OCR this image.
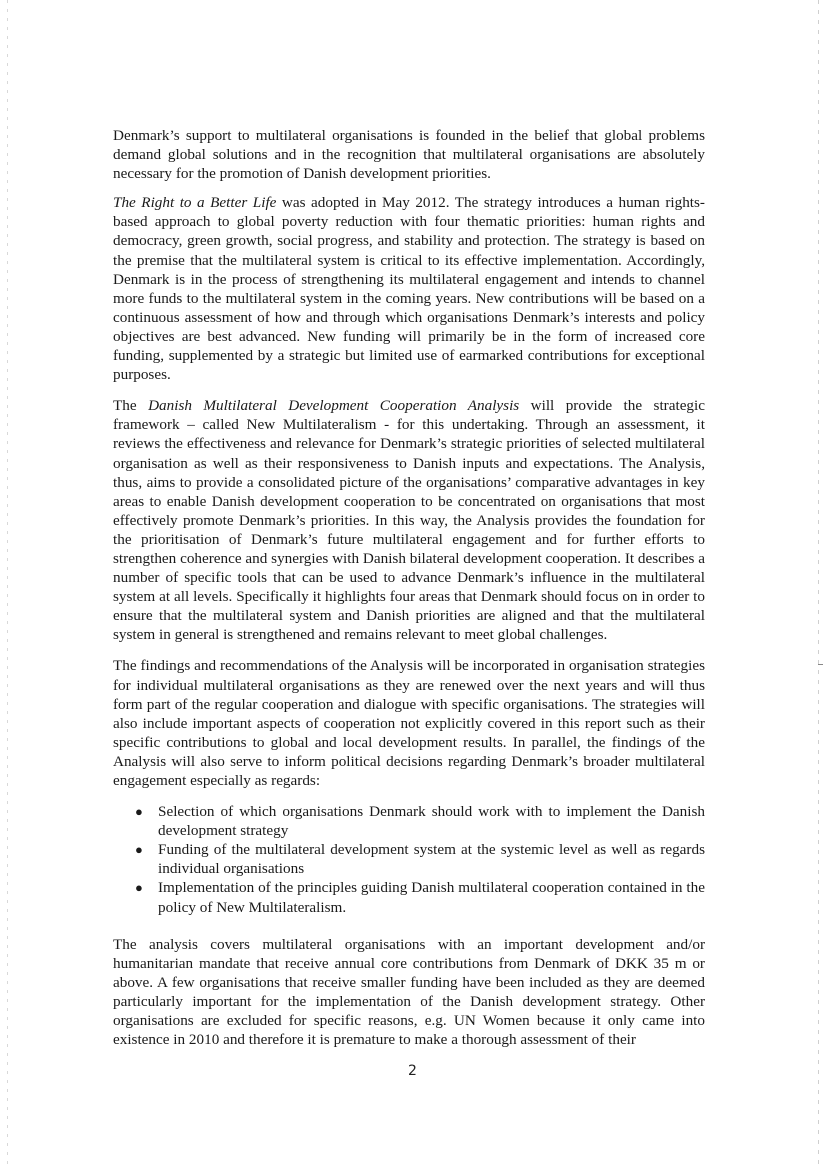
Denmark’s support to multilateral organisations is founded in the belief that global problems demand global solutions and in the recognition that multilateral organisations are absolutely necessary for the promotion of Danish development priorities.

The Right to a Better Life was adopted in May 2012. The strategy introduces a human rights-based approach to global poverty reduction with four thematic priorities: human rights and democracy, green growth, social progress, and stability and protection. The strategy is based on the premise that the multilateral system is critical to its effective implementation. Accordingly, Denmark is in the process of strengthening its multilateral engagement and intends to channel more funds to the multilateral system in the coming years. New contributions will be based on a continuous assessment of how and through which organisations Denmark’s interests and policy objectives are best advanced. New funding will primarily be in the form of increased core funding, supplemented by a strategic but limited use of earmarked contributions for exceptional purposes.

The Danish Multilateral Development Cooperation Analysis will provide the strategic framework – called New Multilateralism - for this undertaking. Through an assessment, it reviews the effectiveness and relevance for Denmark’s strategic priorities of selected multilateral organisation as well as their responsiveness to Danish inputs and expectations. The Analysis, thus, aims to provide a consolidated picture of the organisations’ comparative advantages in key areas to enable Danish development cooperation to be concentrated on organisations that most effectively promote Denmark’s priorities. In this way, the Analysis provides the foundation for the prioritisation of Denmark’s future multilateral engagement and for further efforts to strengthen coherence and synergies with Danish bilateral development cooperation. It describes a number of specific tools that can be used to advance Denmark’s influence in the multilateral system at all levels. Specifically it highlights four areas that Denmark should focus on in order to ensure that the multilateral system and Danish priorities are aligned and that the multilateral system in general is strengthened and remains relevant to meet global challenges.

The findings and recommendations of the Analysis will be incorporated in organisation strategies for individual multilateral organisations as they are renewed over the next years and will thus form part of the regular cooperation and dialogue with specific organisations. The strategies will also include important aspects of cooperation not explicitly covered in this report such as their specific contributions to global and local development results. In parallel, the findings of the Analysis will also serve to inform political decisions regarding Denmark’s broader multilateral engagement especially as regards:

● Selection of which organisations Denmark should work with to implement the Danish development strategy
● Funding of the multilateral development system at the systemic level as well as regards individual organisations
● Implementation of the principles guiding Danish multilateral cooperation contained in the policy of New Multilateralism.

The analysis covers multilateral organisations with an important development and/or humanitarian mandate that receive annual core contributions from Denmark of DKK 35 m or above. A few organisations that receive smaller funding have been included as they are deemed particularly important for the implementation of the Danish development strategy. Other organisations are excluded for specific reasons, e.g. UN Women because it only came into existence in 2010 and therefore it is premature to make a thorough assessment of their

2
